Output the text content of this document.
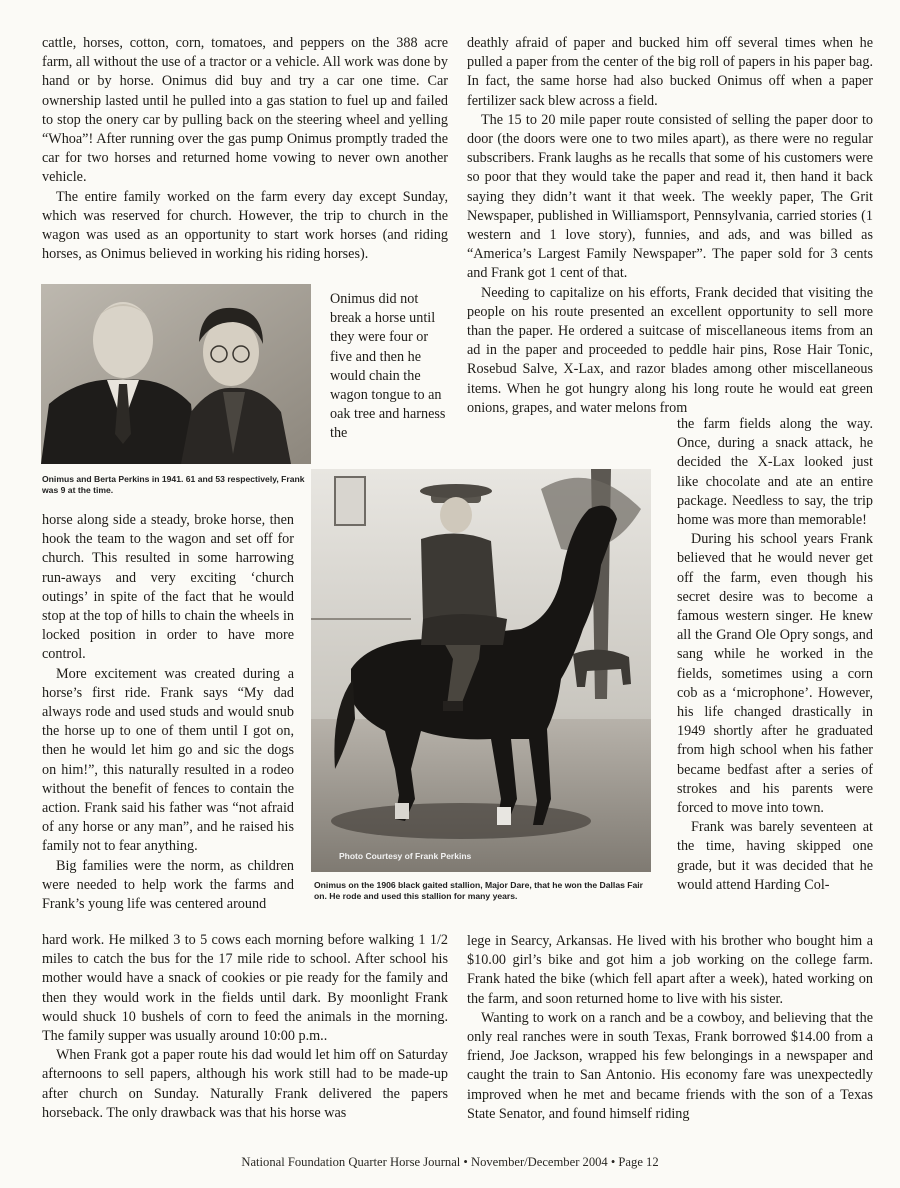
cattle, horses, cotton, corn, tomatoes, and peppers on the 388 acre farm, all without the use of a tractor or a vehicle. All work was done by hand or by horse. Onimus did buy and try a car one time. Car ownership lasted until he pulled into a gas station to fuel up and failed to stop the onery car by pulling back on the steering wheel and yelling “Whoa”! After running over the gas pump Onimus promptly traded the car for two horses and returned home vowing to never own another vehicle.

The entire family worked on the farm every day except Sunday, which was reserved for church. However, the trip to church in the wagon was used as an opportunity to start work horses (and riding horses, as Onimus believed in working his riding horses).

Onimus did not break a horse until they were four or five and then he would chain the wagon tongue to an oak tree and harness the

Onimus and Berta Perkins in 1941. 61 and 53 respectively, Frank was 9 at the time.

horse along side a steady, broke horse, then hook the team to the wagon and set off for church. This resulted in some harrowing run-aways and very exciting ‘church outings’ in spite of the fact that he would stop at the top of hills to chain the wheels in locked position in order to have more control.

More excitement was created during a horse’s first ride. Frank says “My dad always rode and used studs and would snub the horse up to one of them until I got on, then he would let him go and sic the dogs on him!”, this naturally resulted in a rodeo without the benefit of fences to contain the action. Frank said his father was “not afraid of any horse or any man”, and he raised his family not to fear anything.

Big families were the norm, as children were needed to help work the farms and Frank’s young life was centered around

Photo Courtesy of Frank Perkins
Onimus on the 1906 black gaited stallion, Major Dare, that he won the Dallas Fair on. He rode and used this stallion for many years.

hard work. He milked 3 to 5 cows each morning before walking 1 1/2 miles to catch the bus for the 17 mile ride to school. After school his mother would have a snack of cookies or pie ready for the family and then they would work in the fields until dark. By moonlight Frank would shuck 10 bushels of corn to feed the animals in the morning. The family supper was usually around 10:00 p.m..

When Frank got a paper route his dad would let him off on Saturday afternoons to sell papers, although his work still had to be made-up after church on Sunday. Naturally Frank delivered the papers horseback. The only drawback was that his horse was

deathly afraid of paper and bucked him off several times when he pulled a paper from the center of the big roll of papers in his paper bag. In fact, the same horse had also bucked Onimus off when a paper fertilizer sack blew across a field.

The 15 to 20 mile paper route consisted of selling the paper door to door (the doors were one to two miles apart), as there were no regular subscribers. Frank laughs as he recalls that some of his customers were so poor that they would take the paper and read it, then hand it back saying they didn’t want it that week. The weekly paper, The Grit Newspaper, published in Williamsport, Pennsylvania, carried stories (1 western and 1 love story), funnies, and ads, and was billed as “America’s Largest Family Newspaper”. The paper sold for 3 cents and Frank got 1 cent of that.

Needing to capitalize on his efforts, Frank decided that visiting the people on his route presented an excellent opportunity to sell more than the paper. He ordered a suitcase of miscellaneous items from an ad in the paper and proceeded to peddle hair pins, Rose Hair Tonic, Rosebud Salve, X-Lax, and razor blades among other miscellaneous items. When he got hungry along his long route he would eat green onions, grapes, and water melons from

the farm fields along the way. Once, during a snack attack, he decided the X-Lax looked just like chocolate and ate an entire package. Needless to say, the trip home was more than memorable!

During his school years Frank believed that he would never get off the farm, even though his secret desire was to become a famous western singer. He knew all the Grand Ole Opry songs, and sang while he worked in the fields, sometimes using a corn cob as a ‘microphone’. However, his life changed drastically in 1949 shortly after he graduated from high school when his father became bedfast after a series of strokes and his parents were forced to move into town.

Frank was barely seventeen at the time, having skipped one grade, but it was decided that he would attend Harding Col-

lege in Searcy, Arkansas. He lived with his brother who bought him a $10.00 girl’s bike and got him a job working on the college farm. Frank hated the bike (which fell apart after a week), hated working on the farm, and soon returned home to live with his sister.

Wanting to work on a ranch and be a cowboy, and believing that the only real ranches were in south Texas, Frank borrowed $14.00 from a friend, Joe Jackson, wrapped his few belongings in a newspaper and caught the train to San Antonio. His economy fare was unexpectedly improved when he met and became friends with the son of a Texas State Senator, and found himself riding

National Foundation Quarter Horse Journal • November/December 2004 • Page 12
